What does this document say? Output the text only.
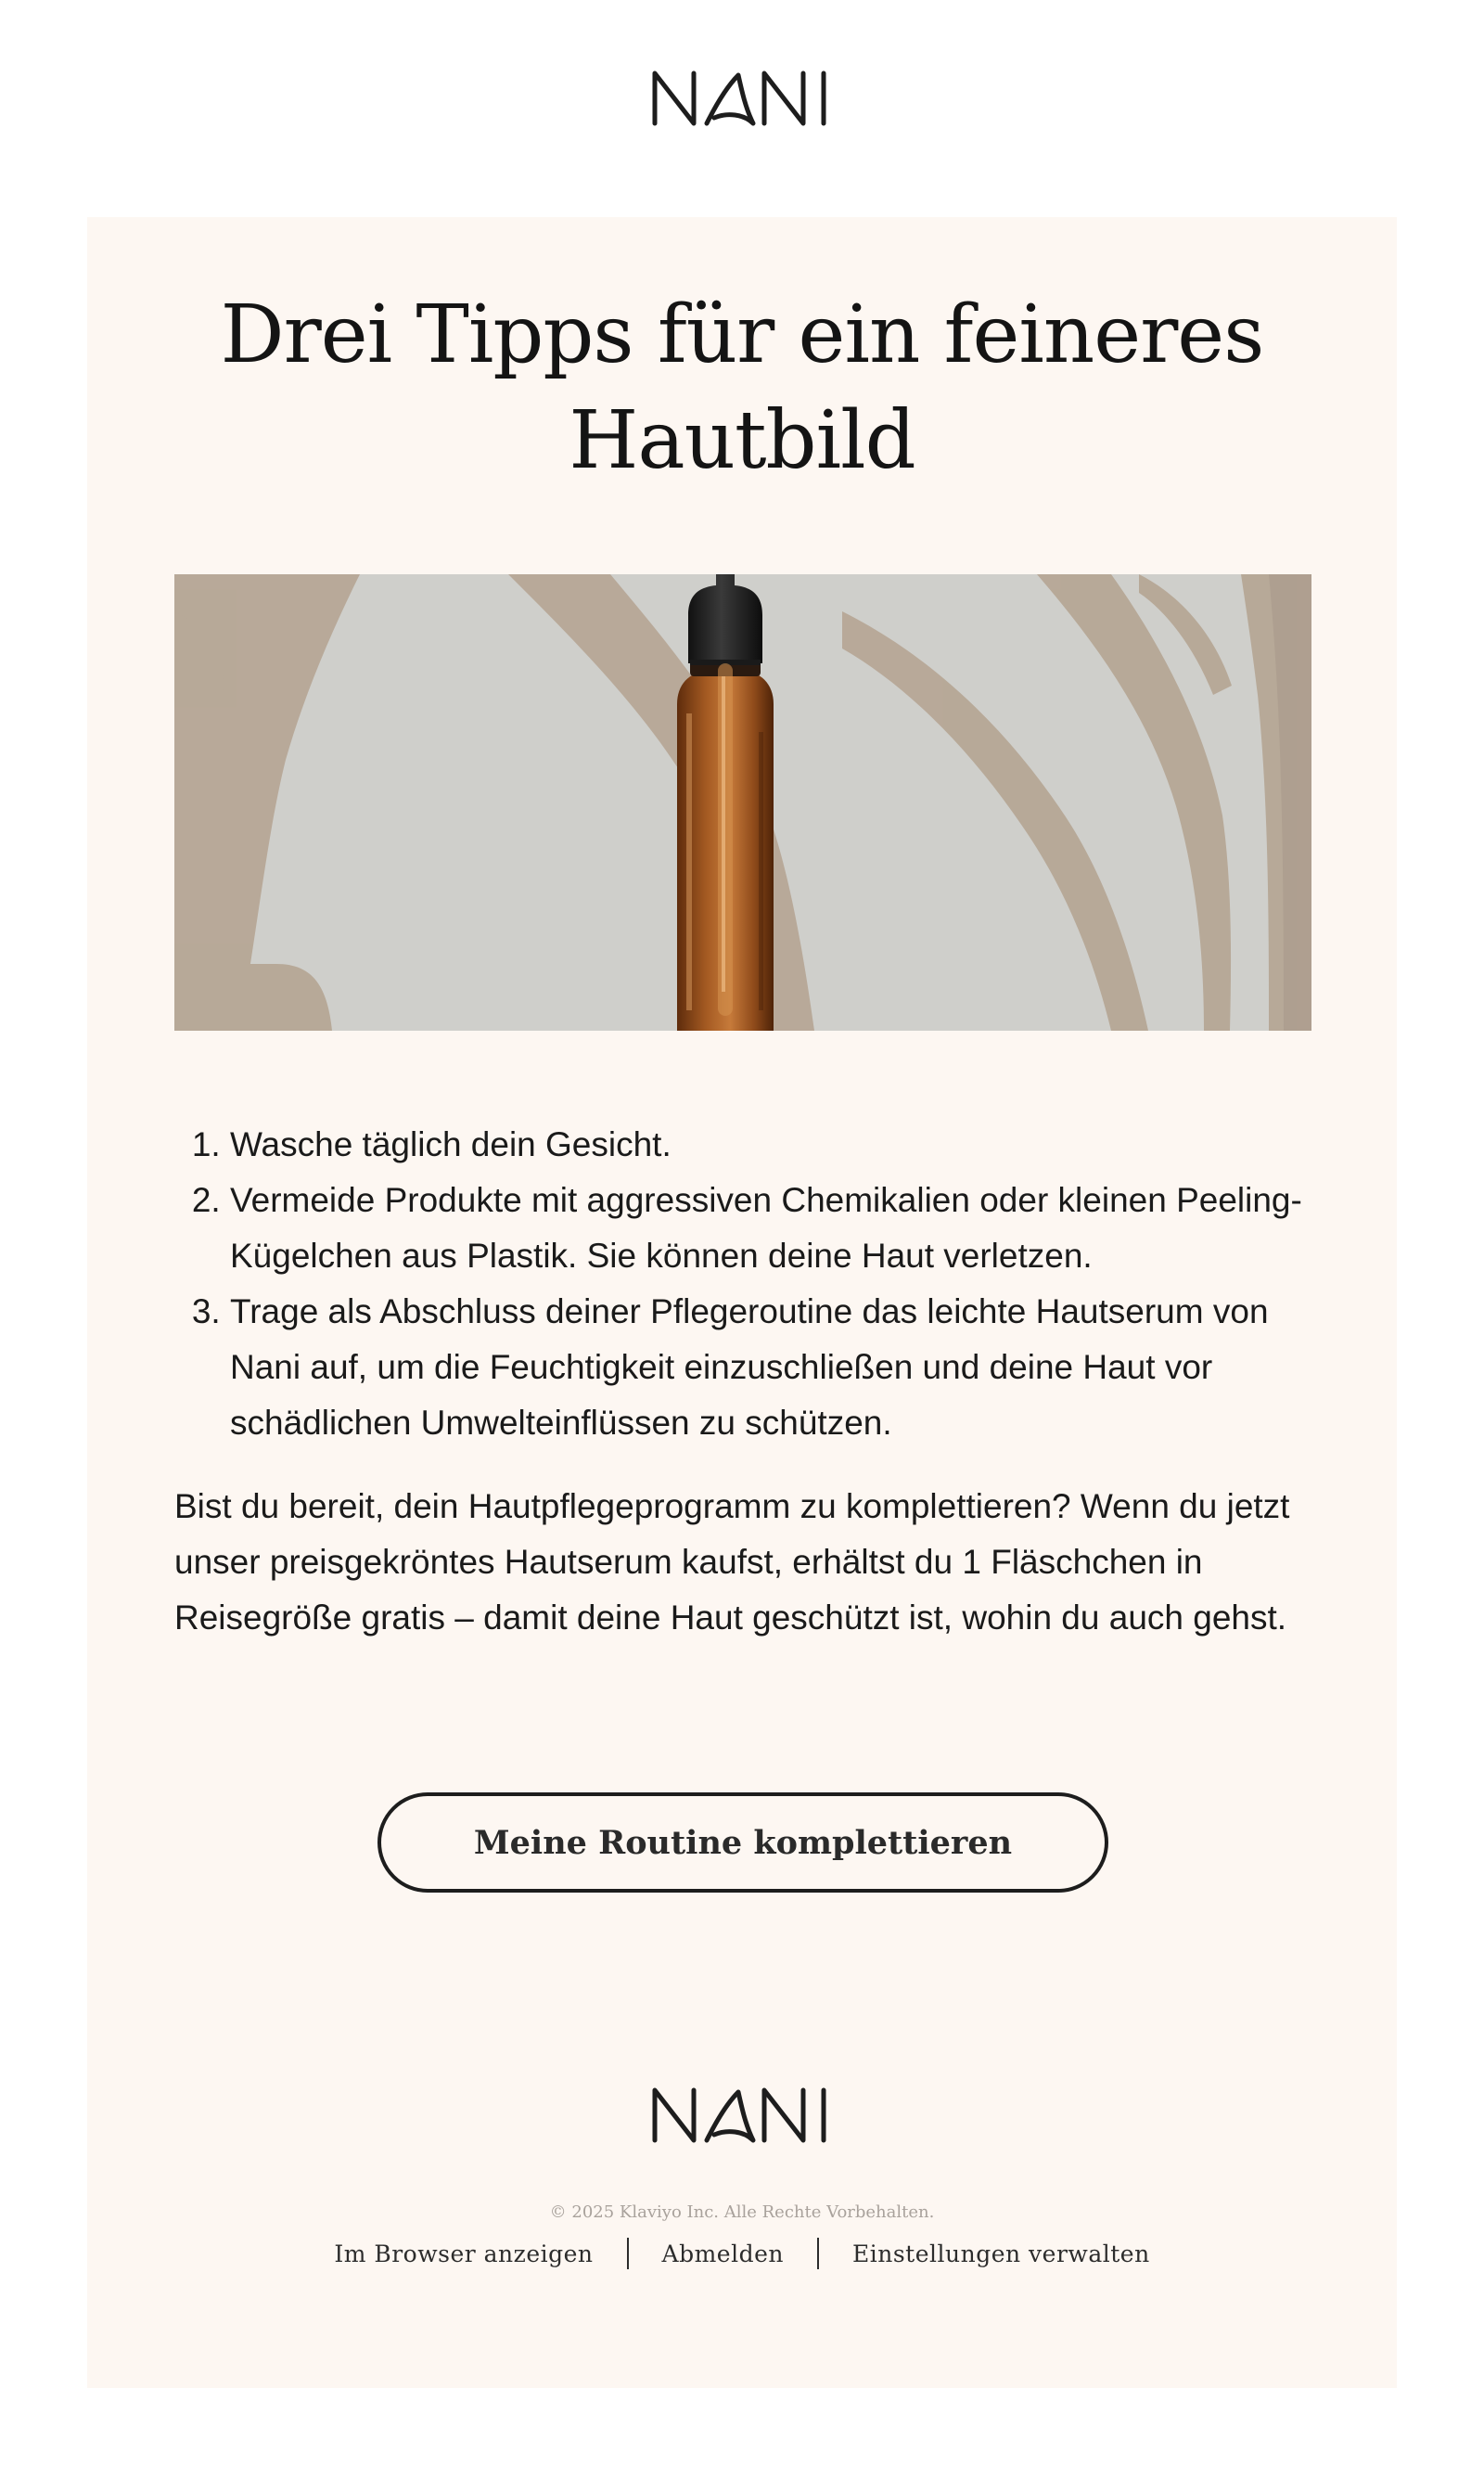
Drei Tipps für ein feineres
Hautbild
1. Wasche täglich dein Gesicht.
2. Vermeide Produkte mit aggressiven Chemikalien oder kleinen Peeling-Kügelchen aus Plastik. Sie können deine Haut verletzen.
3. Trage als Abschluss deiner Pflegeroutine das leichte Hautserum von Nani auf, um die Feuchtigkeit einzuschließen und deine Haut vor schädlichen Umwelteinflüssen zu schützen.

Bist du bereit, dein Hautpflegeprogramm zu komplettieren? Wenn du jetzt unser preisgekröntes Hautserum kaufst, erhältst du 1 Fläschchen in Reisegröße gratis – damit deine Haut geschützt ist, wohin du auch gehst.

Meine Routine komplettieren
© 2025 Klaviyo Inc. Alle Rechte Vorbehalten.
Im Browser anzeigen	Abmelden	Einstellungen verwalten
